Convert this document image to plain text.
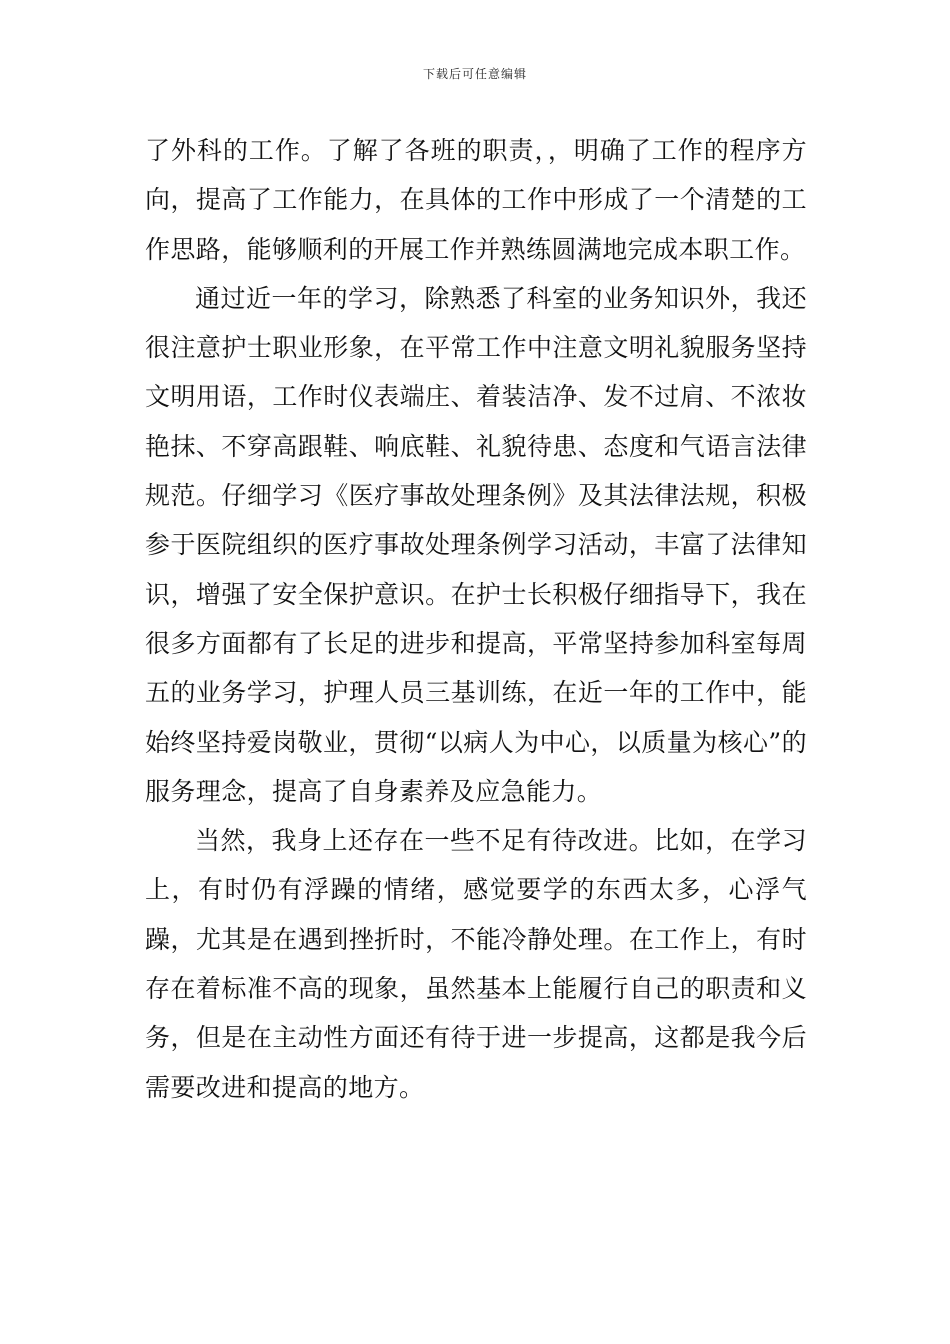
下载后可任意编辑

了外科的工作。了解了各班的职责，，明确了工作的程序方向，提高了工作能力，在具体的工作中形成了一个清楚的工作思路，能够顺利的开展工作并熟练圆满地完成本职工作。

通过近一年的学习，除熟悉了科室的业务知识外，我还很注意护士职业形象，在平常工作中注意文明礼貌服务坚持文明用语，工作时仪表端庄、着装洁净、发不过肩、不浓妆艳抹、不穿高跟鞋、响底鞋、礼貌待患、态度和气语言法律规范。仔细学习《医疗事故处理条例》及其法律法规，积极参于医院组织的医疗事故处理条例学习活动，丰富了法律知识，增强了安全保护意识。在护士长积极仔细指导下，我在很多方面都有了长足的进步和提高，平常坚持参加科室每周五的业务学习，护理人员三基训练，在近一年的工作中，能始终坚持爱岗敬业，贯彻“以病人为中心，以质量为核心”的服务理念，提高了自身素养及应急能力。

当然，我身上还存在一些不足有待改进。比如，在学习上，有时仍有浮躁的情绪，感觉要学的东西太多，心浮气躁，尤其是在遇到挫折时，不能冷静处理。在工作上，有时存在着标准不高的现象，虽然基本上能履行自己的职责和义务，但是在主动性方面还有待于进一步提高，这都是我今后需要改进和提高的地方。
